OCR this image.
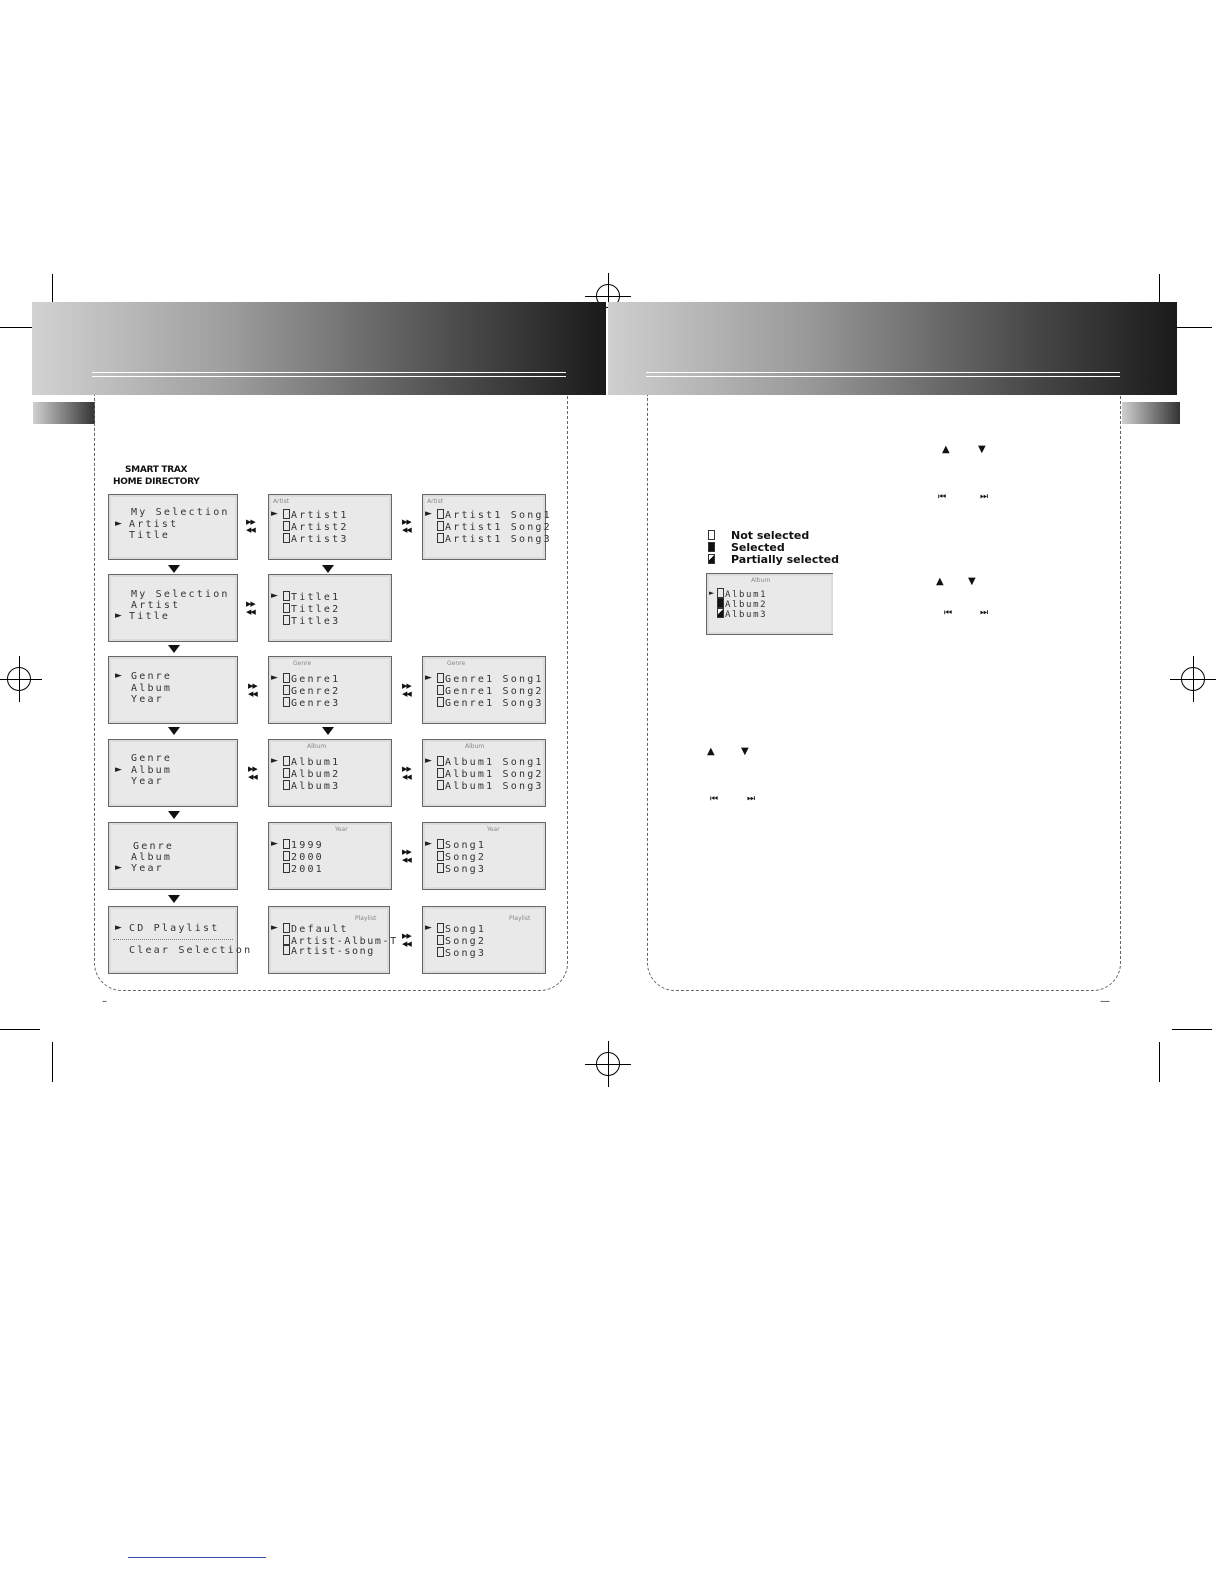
SMART TRAX
HOME DIRECTORY
My Selection
► Artist
Title
▶▶
◀◀
Artist
►	Artist1
Artist2
Artist3
▶▶
◀◀
Artist
►	Artist1 Song1
Artist1 Song2
Artist1 Song3
My Selection
Artist
► Title
▶▶
◀◀
►	Title1
Title2
Title3
► Genre
Album
Year
▶▶
◀◀
Genre
►	Genre1
Genre2
Genre3
▶▶
◀◀
Genre
►	Genre1 Song1
Genre1 Song2
Genre1 Song3
Genre
► Album
Year
▶▶
◀◀
Album
►	Album1
Album2
Album3
▶▶
◀◀
Album
►	Album1 Song1
Album1 Song2
Album1 Song3
Genre
Album
► Year
Year
►	1999
2000
2001
▶▶
◀◀
Year
►	Song1
Song2
Song3
► CD Playlist
Clear Selection
Playlist
►	Default
Artist-Album-T
Artist-song
▶▶
◀◀
Playlist
►	Song1
Song2
Song3
–	—
▲	▼
⏮	⏭
Not selected
Selected
Partially selected
Album
►	Album1
Album2
Album3
▲ ▼
⏮	⏭
▲	▼
⏮	⏭
